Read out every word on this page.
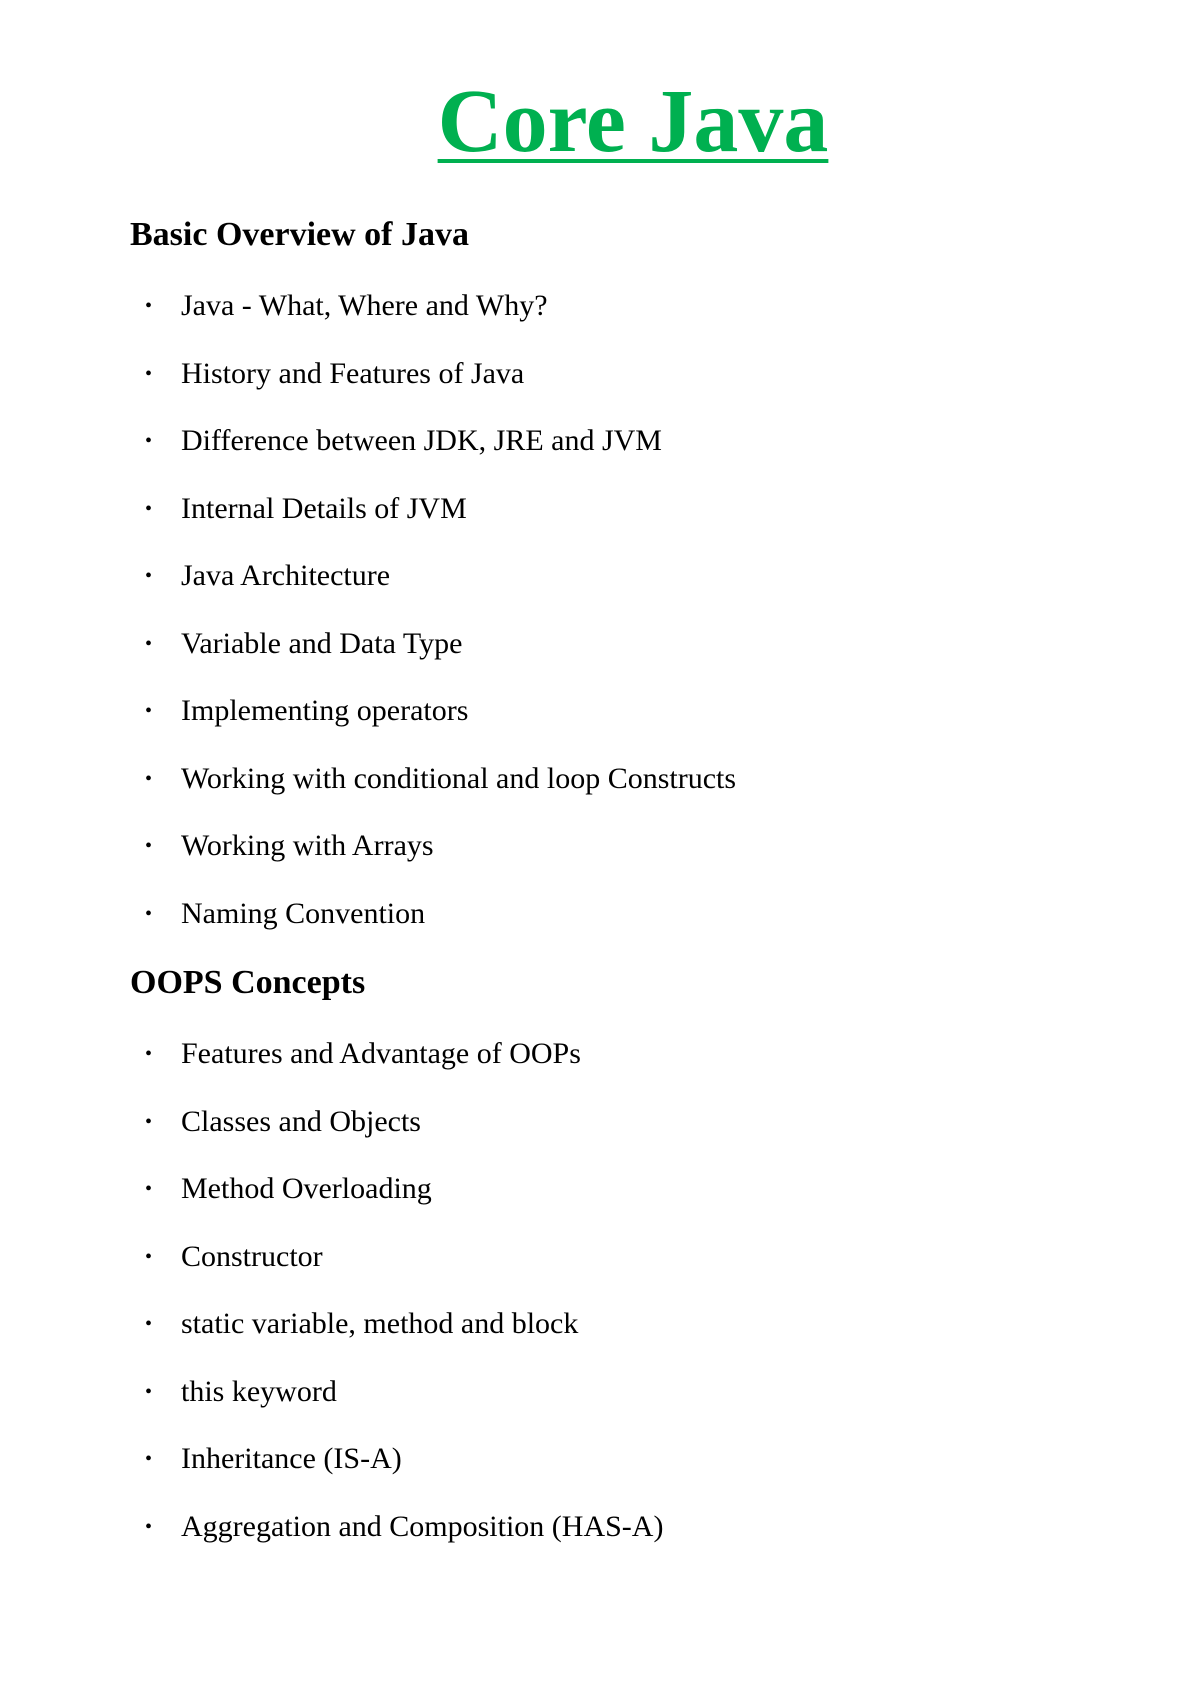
Core Java
Basic Overview of Java
• Java - What, Where and Why?
• History and Features of Java
• Difference between JDK, JRE and JVM
• Internal Details of JVM
• Java Architecture
• Variable and Data Type
• Implementing operators
• Working with conditional and loop Constructs
• Working with Arrays
• Naming Convention
OOPS Concepts
• Features and Advantage of OOPs
• Classes and Objects
• Method Overloading
• Constructor
• static variable, method and block
• this keyword
• Inheritance (IS-A)
• Aggregation and Composition (HAS-A)
